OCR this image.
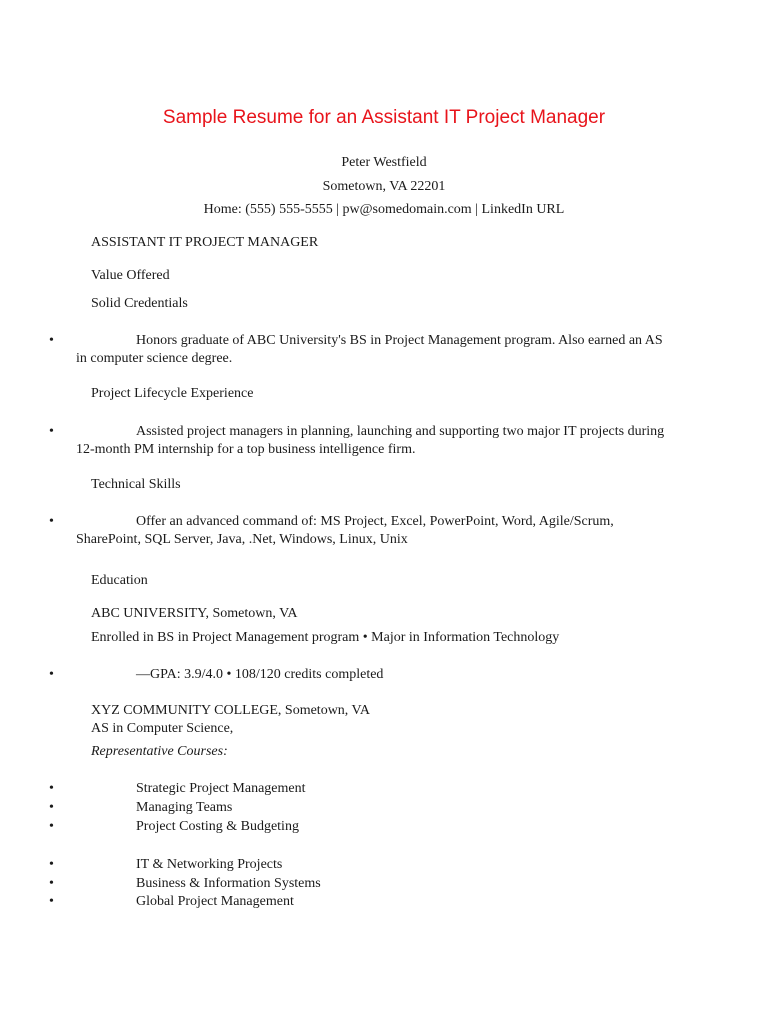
Sample Resume for an Assistant IT Project Manager
Peter Westfield
Sometown, VA 22201
Home: (555) 555-5555 | pw@somedomain.com | LinkedIn URL

ASSISTANT IT PROJECT MANAGER

Value Offered

Solid Credentials

•	Honors graduate of ABC University's BS in Project Management program. Also earned an AS in computer science degree.

Project Lifecycle Experience

•	Assisted project managers in planning, launching and supporting two major IT projects during 12-month PM internship for a top business intelligence firm.

Technical Skills

•	Offer an advanced command of: MS Project, Excel, PowerPoint, Word, Agile/Scrum, SharePoint, SQL Server, Java, .Net, Windows, Linux, Unix

Education

ABC UNIVERSITY, Sometown, VA

Enrolled in BS in Project Management program • Major in Information Technology

•	—GPA: 3.9/4.0 • 108/120 credits completed

XYZ COMMUNITY COLLEGE, Sometown, VA

AS in Computer Science,

Representative Courses:

•	Strategic Project Management
•	Managing Teams
•	Project Costing & Budgeting
•	IT & Networking Projects
•	Business & Information Systems
•	Global Project Management
